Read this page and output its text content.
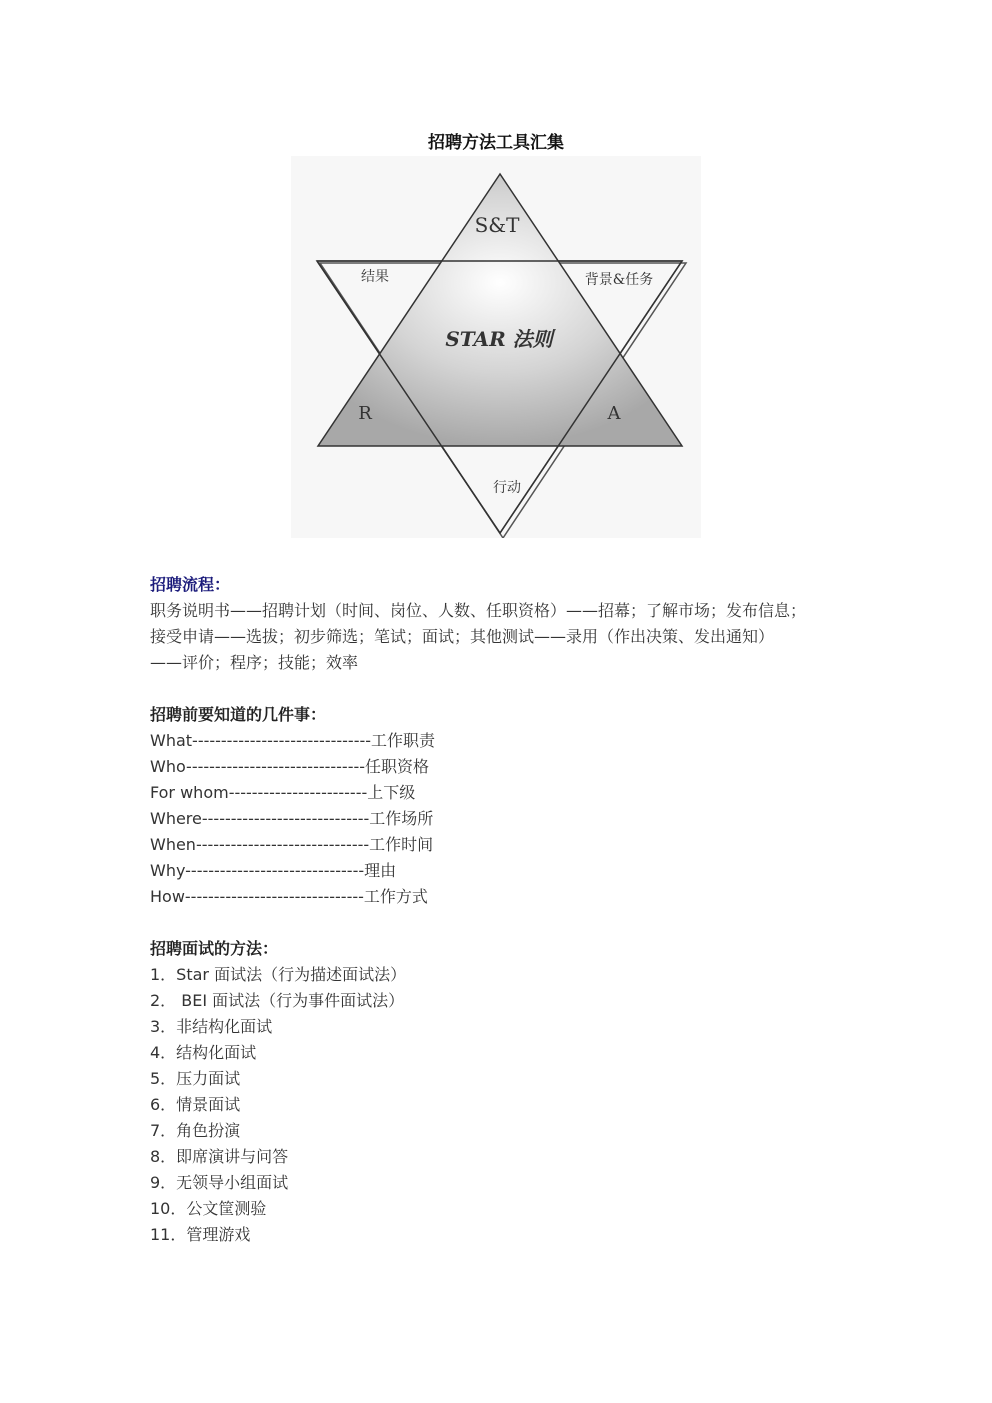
招聘方法工具汇集
S&T
结果	背景&任务
STAR 法则
R	A
行动
招聘流程：
职务说明书——招聘计划（时间、岗位、人数、任职资格）——招幕；了解市场；发布信息；
接受申请——选拔；初步筛选；笔试；面试；其他测试——录用（作出决策、发出通知）
——评价；程序；技能；效率
招聘前要知道的几件事：
What-------------------------------工作职责
Who-------------------------------任职资格
For whom------------------------上下级
Where-----------------------------工作场所
When------------------------------工作时间
Why-------------------------------理由
How-------------------------------工作方式
招聘面试的方法：
1．Star 面试法（行为描述面试法）
2． BEI 面试法（行为事件面试法）
3．非结构化面试
4．结构化面试
5．压力面试
6．情景面试
7．角色扮演
8．即席演讲与问答
9．无领导小组面试
10．公文筐测验
11．管理游戏
